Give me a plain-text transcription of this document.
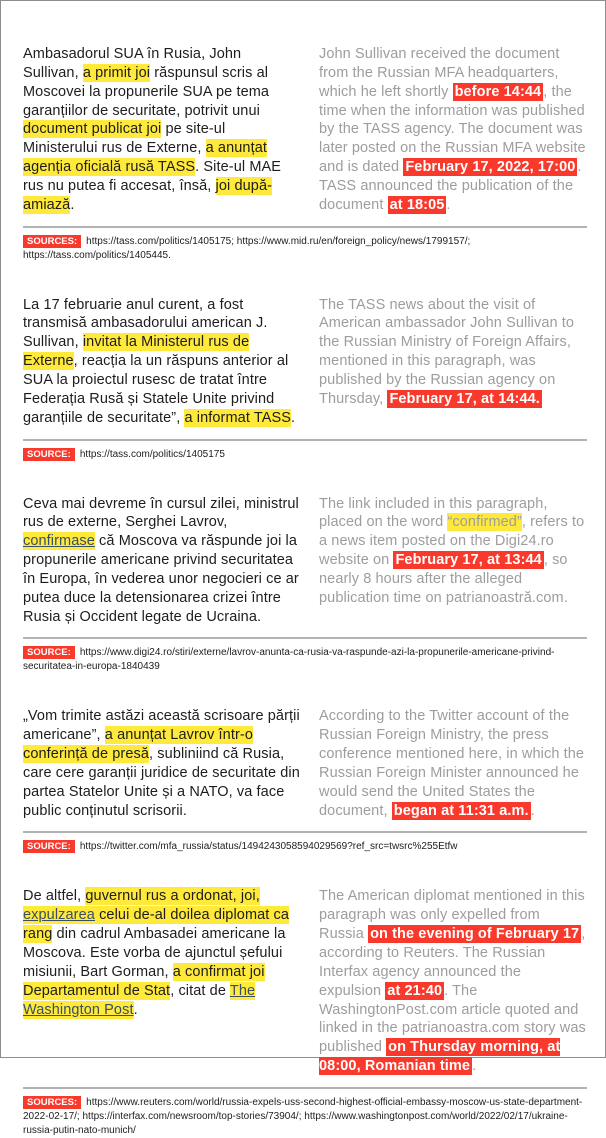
Ambasadorul SUA în Rusia, John Sullivan, a primit joi răspunsul scris al Moscovei la propunerile SUA pe tema garanțiilor de securitate, potrivit unui document publicat joi pe site-ul Ministerului rus de Externe, a anunțat agenția oficială rusă TASS. Site-ul MAE rus nu putea fi accesat, însă, joi după-amiază.

John Sullivan received the document from the Russian MFA headquarters, which he left shortly before 14:44 , the time when the information was published by the TASS agency. The document was later posted on the Russian MFA website and is dated February 17, 2022, 17:00 . TASS announced the publication of the document at 18:05 .

SOURCES: https://tass.com/politics/1405175; https://www.mid.ru/en/foreign_policy/news/1799157/; https://tass.com/politics/1405445.

La 17 februarie anul curent, a fost transmisă ambasadorului american J. Sullivan, invitat la Ministerul rus de Externe, reacția la un răspuns anterior al SUA la proiectul rusesc de tratat între Federația Rusă și Statele Unite privind garanțiile de securitate”, a informat TASS.

The TASS news about the visit of American ambassador John Sullivan to the Russian Ministry of Foreign Affairs, mentioned in this paragraph, was published by the Russian agency on Thursday, February 17, at 14:44.

SOURCE: https://tass.com/politics/1405175

Ceva mai devreme în cursul zilei, ministrul rus de externe, Serghei Lavrov, confirmase că Moscova va răspunde joi la propunerile americane privind securitatea în Europa, în vederea unor negocieri ce ar putea duce la detensionarea crizei între Rusia și Occident legate de Ucraina.

The link included in this paragraph, placed on the word “confirmed”, refers to a news item posted on the Digi24.ro website on February 17, at 13:44 , so nearly 8 hours after the alleged publication time on patrianoastră.com.

SOURCE: https://www.digi24.ro/stiri/externe/lavrov-anunta-ca-rusia-va-raspunde-azi-la-propunerile-americane-privind-securitatea-in-europa-1840439

„Vom trimite astăzi această scrisoare părții americane”, a anunțat Lavrov într-o conferință de presă, subliniind că Rusia, care cere garanții juridice de securitate din partea Statelor Unite și a NATO, va face public conținutul scrisorii.

According to the Twitter account of the Russian Foreign Ministry, the press conference mentioned here, in which the Russian Foreign Minister announced he would send the United States the document, began at 11:31 a.m. .

SOURCE: https://twitter.com/mfa_russia/status/1494243058594029569?ref_src=twsrc%255Etfw

De altfel, guvernul rus a ordonat, joi, expulzarea celui de-al doilea diplomat ca rang din cadrul Ambasadei americane la Moscova. Este vorba de ajunctul șefului misiunii, Bart Gorman, a confirmat joi Departamentul de Stat, citat de The Washington Post.

The American diplomat mentioned in this paragraph was only expelled from Russia on the evening of February 17 , according to Reuters. The Russian Interfax agency announced the expulsion at 21:40 . The WashingtonPost.com article quoted and linked in the patrianoastra.com story was published on Thursday morning, at 08:00, Romanian time .

SOURCES: https://www.reuters.com/world/russia-expels-uss-second-highest-official-embassy-moscow-us-state-department-2022-02-17/; https://interfax.com/newsroom/top-stories/73904/; https://www.washingtonpost.com/world/2022/02/17/ukraine-russia-putin-nato-munich/
